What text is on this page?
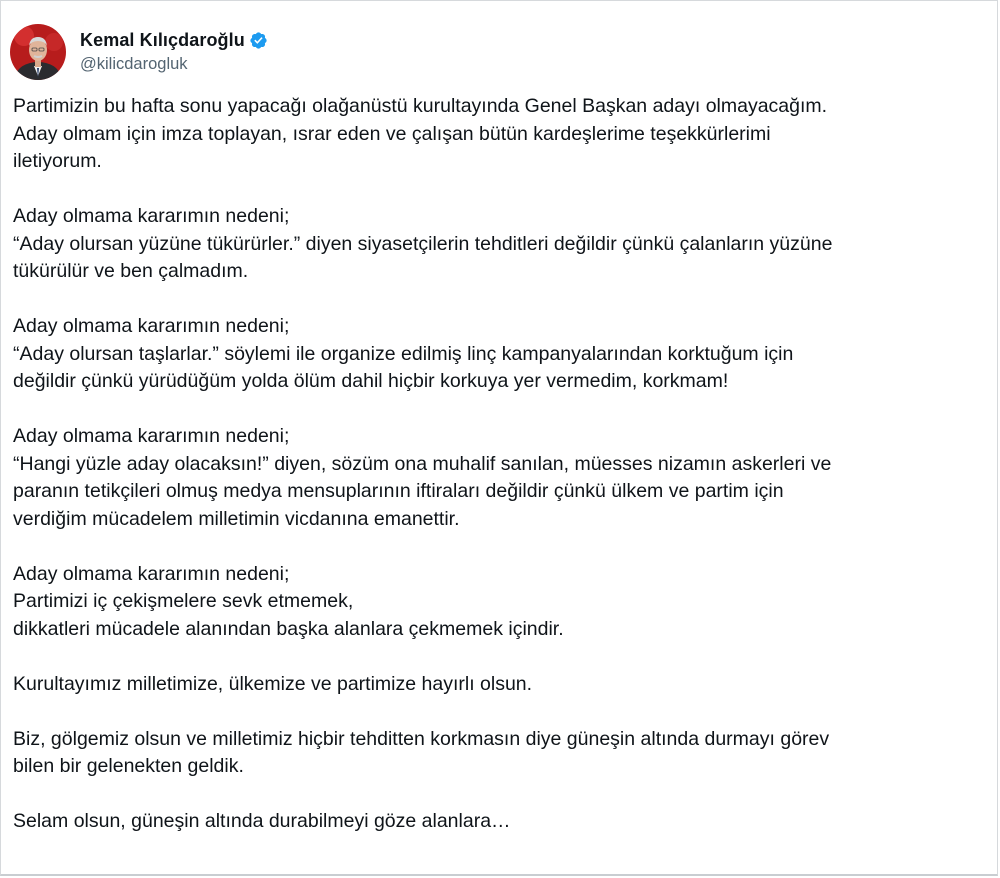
Kemal Kılıçdaroğlu
@kilicdarogluk

Partimizin bu hafta sonu yapacağı olağanüstü kurultayında Genel Başkan adayı olmayacağım.
Aday olmam için imza toplayan, ısrar eden ve çalışan bütün kardeşlerime teşekkürlerimi
iletiyorum.

Aday olmama kararımın nedeni;
“Aday olursan yüzüne tükürürler.” diyen siyasetçilerin tehditleri değildir çünkü çalanların yüzüne
tükürülür ve ben çalmadım.

Aday olmama kararımın nedeni;
“Aday olursan taşlarlar.” söylemi ile organize edilmiş linç kampanyalarından korktuğum için
değildir çünkü yürüdüğüm yolda ölüm dahil hiçbir korkuya yer vermedim, korkmam!

Aday olmama kararımın nedeni;
“Hangi yüzle aday olacaksın!” diyen, sözüm ona muhalif sanılan, müesses nizamın askerleri ve
paranın tetikçileri olmuş medya mensuplarının iftiraları değildir çünkü ülkem ve partim için
verdiğim mücadelem milletimin vicdanına emanettir.

Aday olmama kararımın nedeni;
Partimizi iç çekişmelere sevk etmemek,
dikkatleri mücadele alanından başka alanlara çekmemek içindir.

Kurultayımız milletimize, ülkemize ve partimize hayırlı olsun.

Biz, gölgemiz olsun ve milletimiz hiçbir tehditten korkmasın diye güneşin altında durmayı görev
bilen bir gelenekten geldik.

Selam olsun, güneşin altında durabilmeyi göze alanlara…
